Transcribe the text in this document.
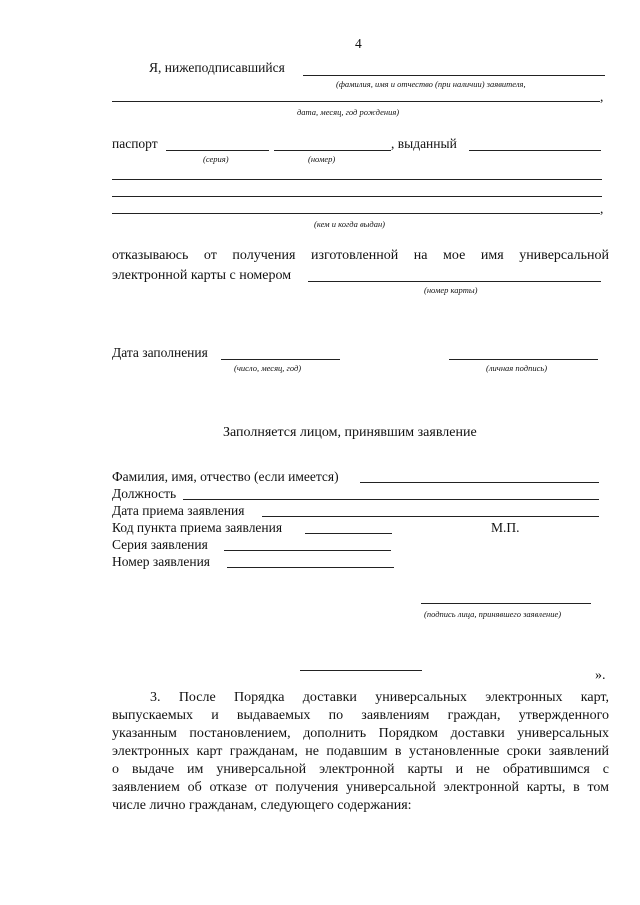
4
Я, нижеподписавшийся
(фамилия, имя и отчество (при наличии) заявителя,
,
дата, месяц, год рождения)
паспорт	, выданный
(серия)	(номер)
,
(кем и когда выдан)
отказываюсь от получения изготовленной на мое имя универсальной
электронной карты с номером
(номер карты)
Дата заполнения
(число, месяц, год)	(личная подпись)
Заполняется лицом, принявшим заявление
Фамилия, имя, отчество (если имеется)
Должность
Дата приема заявления
Код пункта приема заявления	М.П.
Серия заявления
Номер заявления
(подпись лица, принявшего заявление)
».
3. После Порядка доставки универсальных электронных карт,
выпускаемых и выдаваемых по заявлениям граждан, утвержденного
указанным постановлением, дополнить Порядком доставки универсальных
электронных карт гражданам, не подавшим в установленные сроки заявлений
о выдаче им универсальной электронной карты и не обратившимся с
заявлением об отказе от получения универсальной электронной карты, в том
числе лично гражданам, следующего содержания:
